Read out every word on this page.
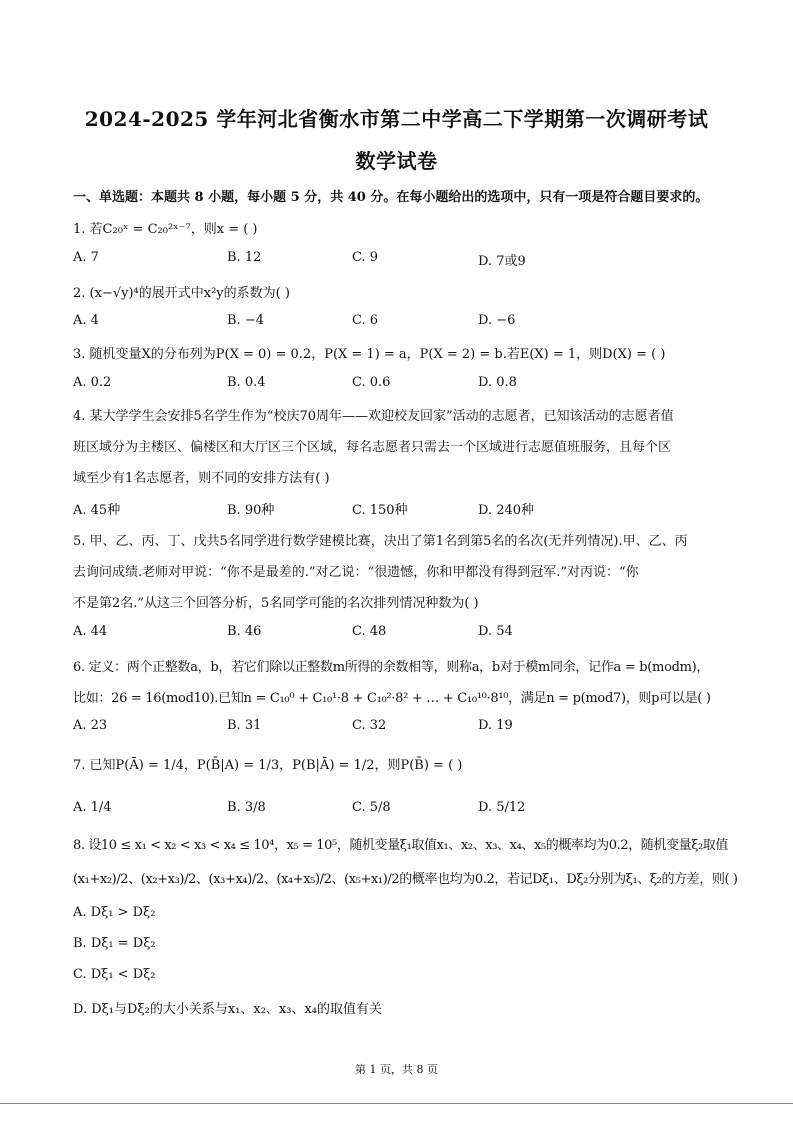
2024-2025 学年河北省衡水市第二中学高二下学期第一次调研考试
数学试卷
一、单选题：本题共 8 小题，每小题 5 分，共 40 分。在每小题给出的选项中，只有一项是符合题目要求的。
1. 若C₂₀ˣ = C₂₀²ˣ⁻⁷，则x = ( )
A. 7	B. 12	C. 9	D. 7或9
2. (x−√y)⁴的展开式中x²y的系数为( )
A. 4	B. −4	C. 6	D. −6
3. 随机变量X的分布列为P(X = 0) = 0.2，P(X = 1) = a，P(X = 2) = b.若E(X) = 1，则D(X) = ( )
A. 0.2	B. 0.4	C. 0.6	D. 0.8
4. 某大学学生会安排5名学生作为“校庆70周年——欢迎校友回家”活动的志愿者，已知该活动的志愿者值
班区域分为主楼区、偏楼区和大厅区三个区域，每名志愿者只需去一个区域进行志愿值班服务，且每个区
域至少有1名志愿者，则不同的安排方法有( )
A. 45种	B. 90种	C. 150种	D. 240种
5. 甲、乙、丙、丁、戊共5名同学进行数学建模比赛，决出了第1名到第5名的名次(无并列情况).甲、乙、丙
去询问成绩.老师对甲说：“你不是最差的.”对乙说：“很遗憾，你和甲都没有得到冠军.”对丙说：“你
不是第2名.”从这三个回答分析，5名同学可能的名次排列情况种数为( )
A. 44	B. 46	C. 48	D. 54
6. 定义：两个正整数a，b，若它们除以正整数m所得的余数相等，则称a，b对于模m同余，记作a = b(modm)，
比如：26 = 16(mod10).已知n = C₁₀⁰ + C₁₀¹·8 + C₁₀²·8² + … + C₁₀¹⁰·8¹⁰，满足n = p(mod7)，则p可以是( )
A. 23	B. 31	C. 32	D. 19
7. 已知P(Ā) = 1/4，P(B̄|A) = 1/3，P(B|Ā) = 1/2，则P(B̄) = ( )
A. 1/4	B. 3/8	C. 5/8	D. 5/12
8. 设10 ≤ x₁ < x₂ < x₃ < x₄ ≤ 10⁴，x₅ = 10⁵，随机变量ξ₁取值x₁、x₂、x₃、x₄、x₅的概率均为0.2，随机变量ξ₂取值
(x₁+x₂)/2、(x₂+x₃)/2、(x₃+x₄)/2、(x₄+x₅)/2、(x₅+x₁)/2的概率也均为0.2，若记Dξ₁、Dξ₂分别为ξ₁、ξ₂的方差，则( )
A. Dξ₁ > Dξ₂
B. Dξ₁ = Dξ₂
C. Dξ₁ < Dξ₂
D. Dξ₁与Dξ₂的大小关系与x₁、x₂、x₃、x₄的取值有关
第 1 页，共 8 页
